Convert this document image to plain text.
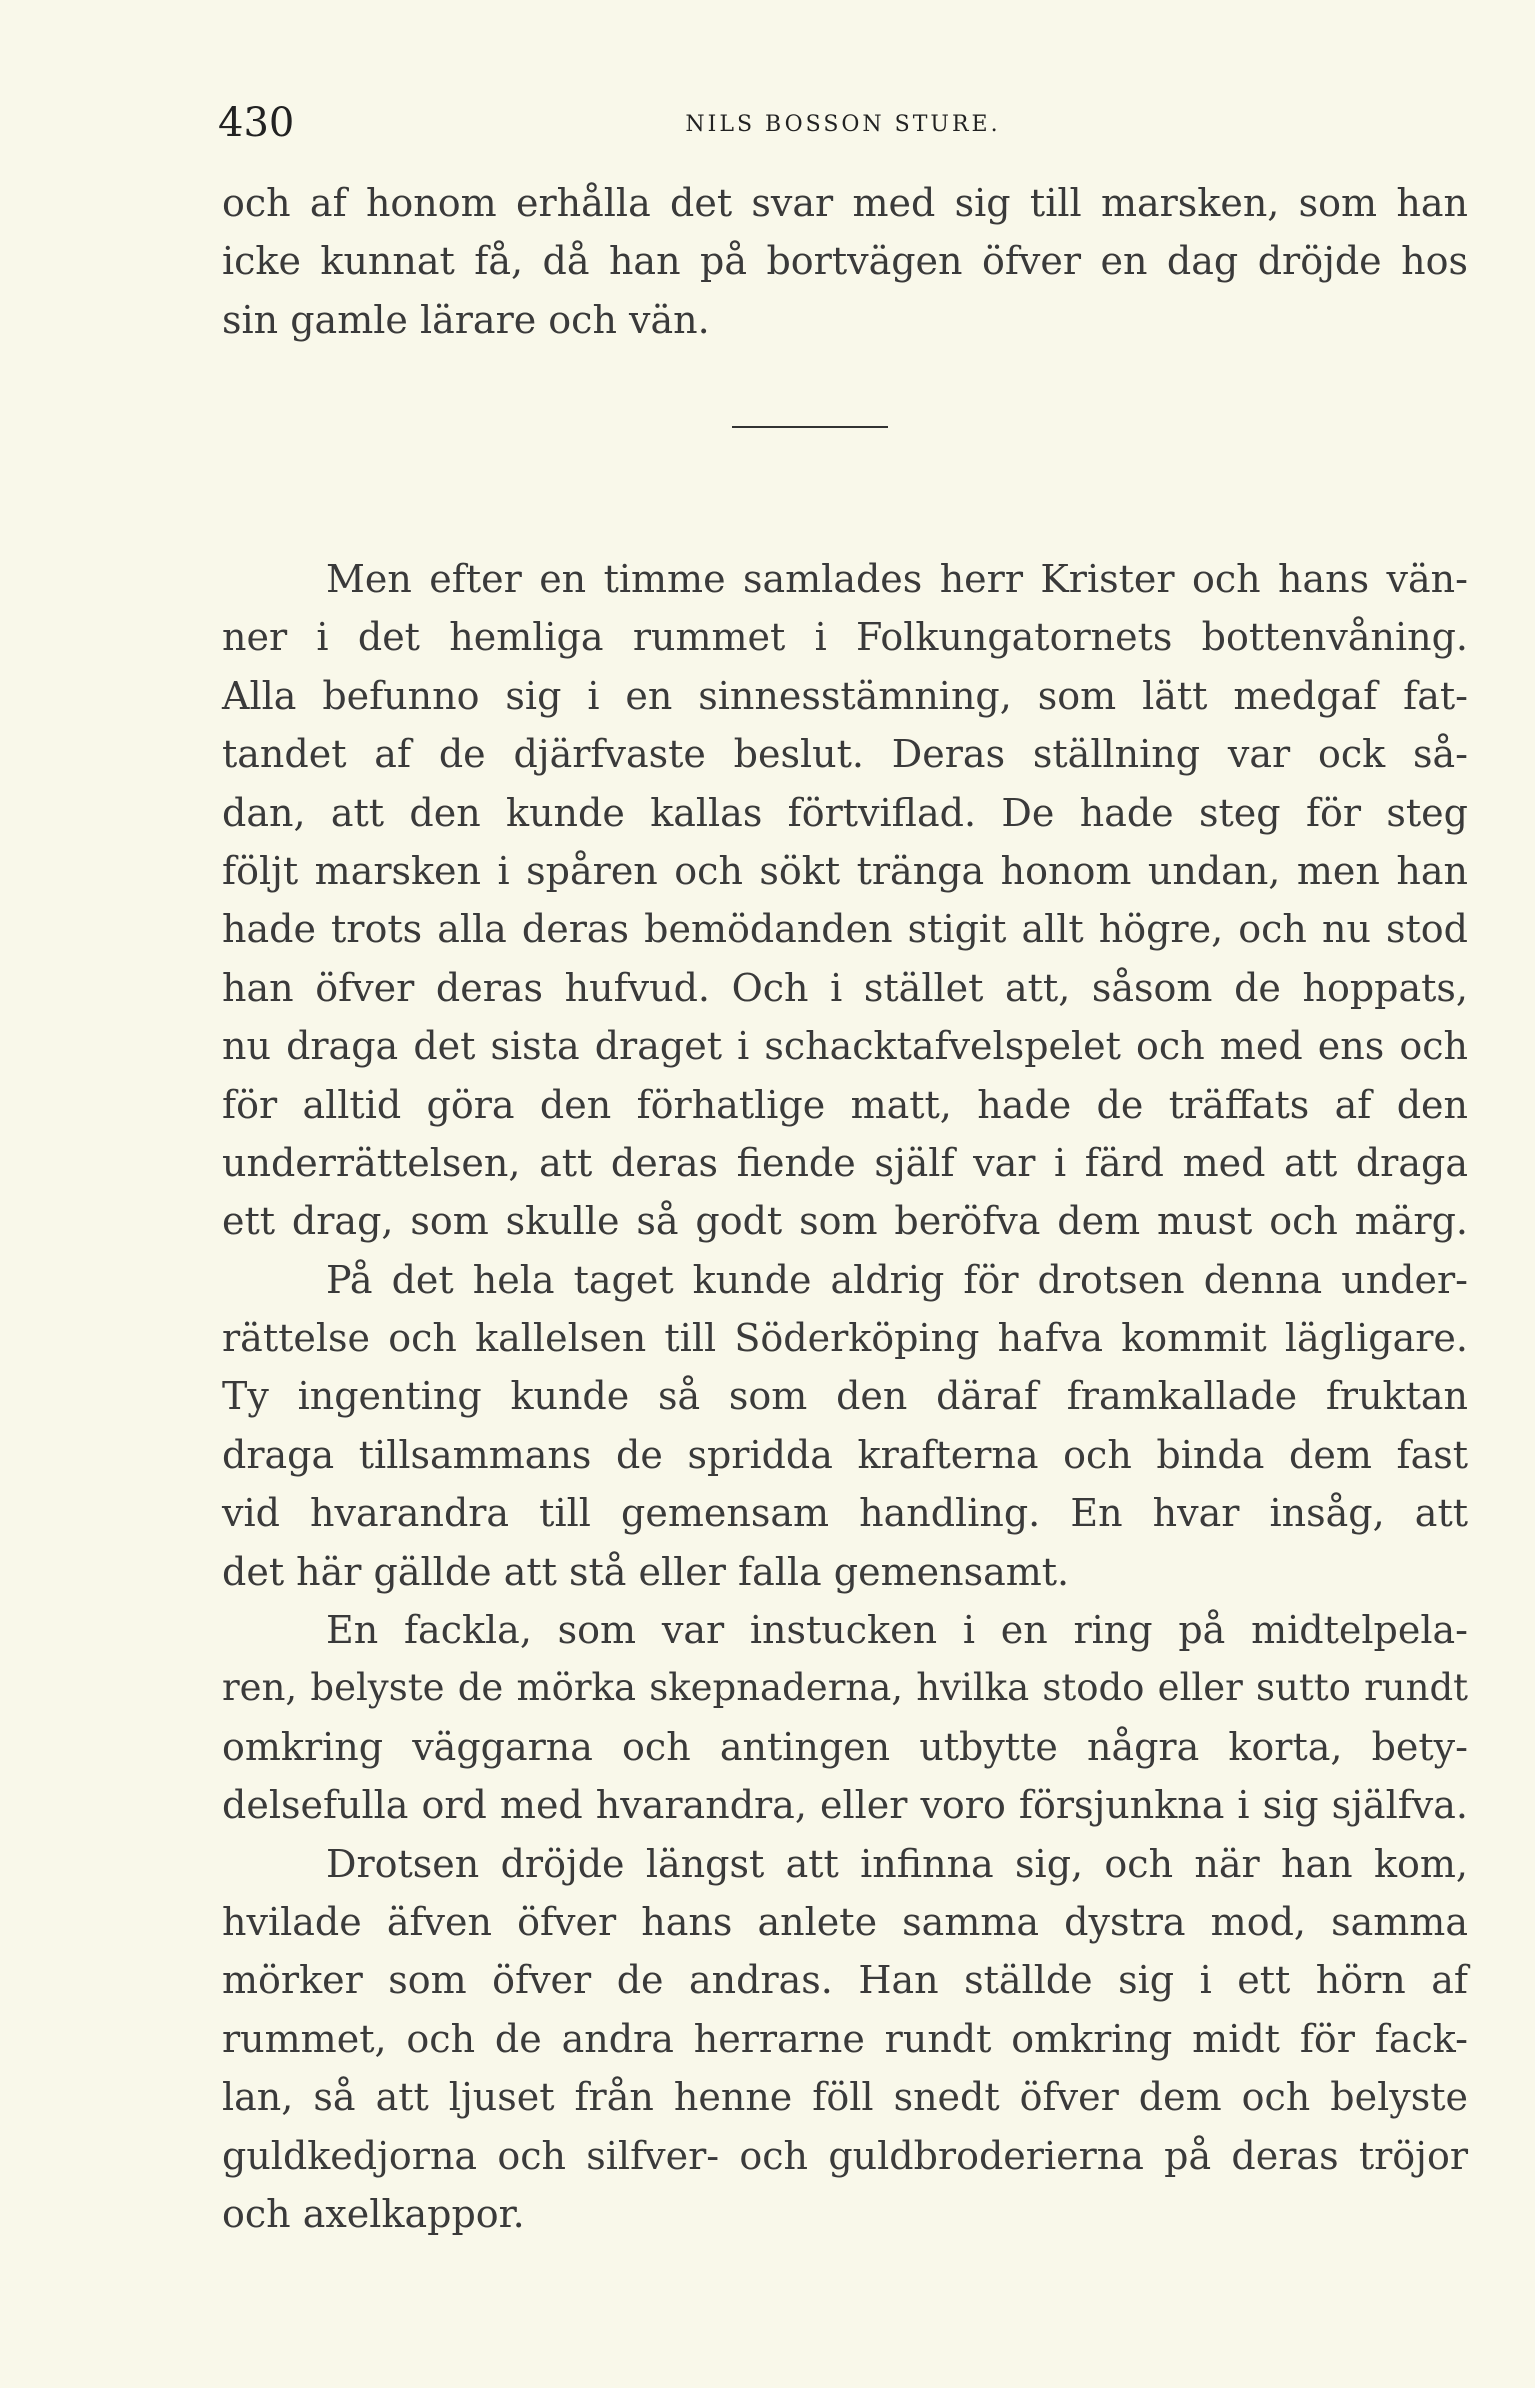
430	NILS BOSSON STURE.
och af honom erhålla det svar med sig till marsken, som han
icke kunnat få, då han på bortvägen öfver en dag dröjde hos
sin gamle lärare och vän.
Men efter en timme samlades herr Krister och hans vän-
ner i det hemliga rummet i Folkungatornets bottenvåning.
Alla befunno sig i en sinnesstämning, som lätt medgaf fat-
tandet af de djärfvaste beslut. Deras ställning var ock så-
dan, att den kunde kallas förtviflad. De hade steg för steg
följt marsken i spåren och sökt tränga honom undan, men han
hade trots alla deras bemödanden stigit allt högre, och nu stod
han öfver deras hufvud. Och i stället att, såsom de hoppats,
nu draga det sista draget i schacktafvelspelet och med ens och
för alltid göra den förhatlige matt, hade de träffats af den
underrättelsen, att deras fiende själf var i färd med att draga
ett drag, som skulle så godt som beröfva dem must och märg.
På det hela taget kunde aldrig för drotsen denna under-
rättelse och kallelsen till Söderköping hafva kommit lägligare.
Ty ingenting kunde så som den däraf framkallade fruktan
draga tillsammans de spridda krafterna och binda dem fast
vid hvarandra till gemensam handling. En hvar insåg, att
det här gällde att stå eller falla gemensamt.
En fackla, som var instucken i en ring på midtelpela-
ren, belyste de mörka skepnaderna, hvilka stodo eller sutto rundt
omkring väggarna och antingen utbytte några korta, bety-
delsefulla ord med hvarandra, eller voro försjunkna i sig själfva.
Drotsen dröjde längst att infinna sig, och när han kom,
hvilade äfven öfver hans anlete samma dystra mod, samma
mörker som öfver de andras. Han ställde sig i ett hörn af
rummet, och de andra herrarne rundt omkring midt för fack-
lan, så att ljuset från henne föll snedt öfver dem och belyste
guldkedjorna och silfver- och guldbroderierna på deras tröjor
och axelkappor.
